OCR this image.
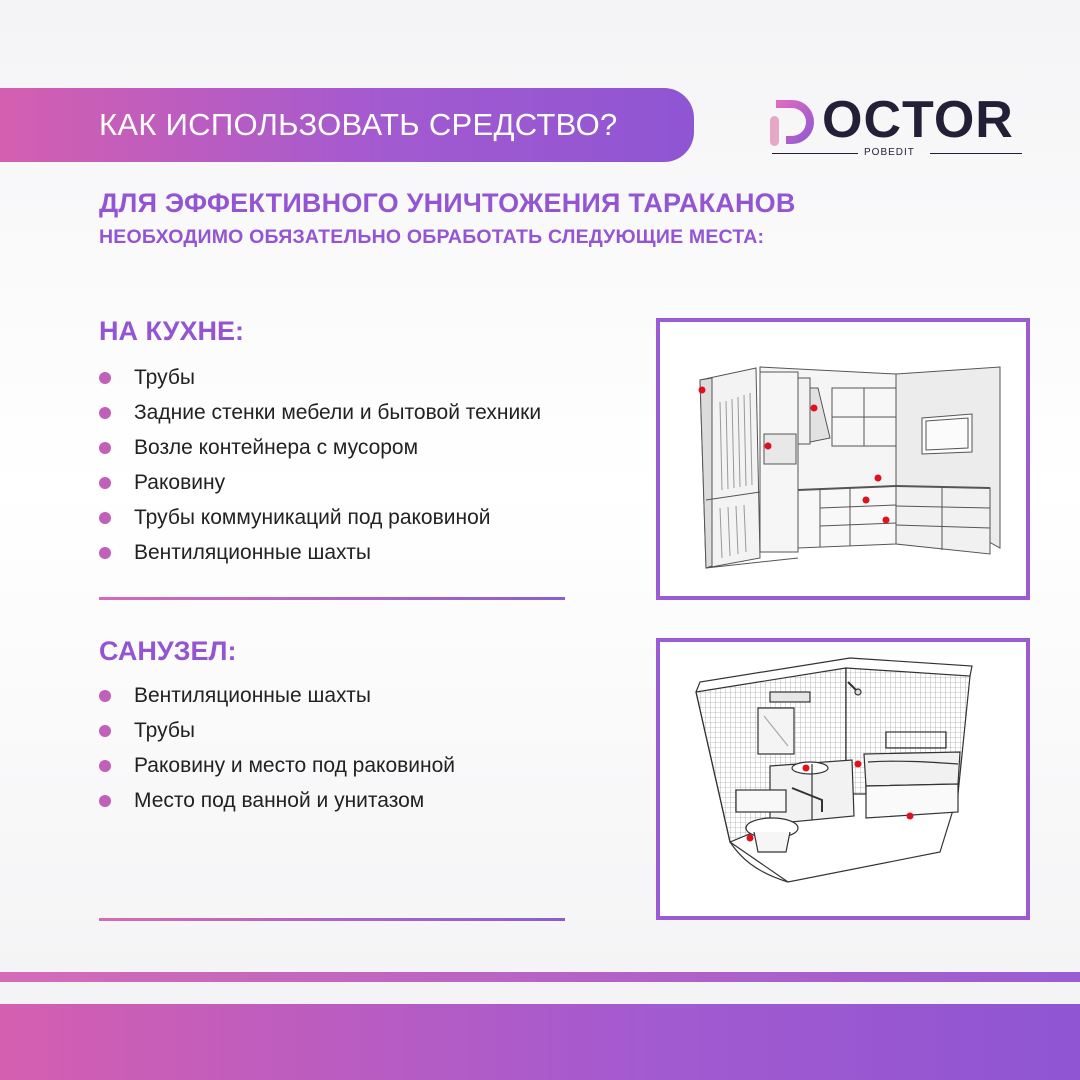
КАК ИСПОЛЬЗОВАТЬ СРЕДСТВО?	OCTOR
POBEDIT
ДЛЯ ЭФФЕКТИВНОГО УНИЧТОЖЕНИЯ ТАРАКАНОВ
НЕОБХОДИМО ОБЯЗАТЕЛЬНО ОБРАБОТАТЬ СЛЕДУЮЩИЕ МЕСТА:
НА КУХНЕ:
Трубы
Задние стенки мебели и бытовой техники
Возле контейнера с мусором
Раковину
Трубы коммуникаций под раковиной
Вентиляционные шахты
САНУЗЕЛ:
Вентиляционные шахты
Трубы
Раковину и место под раковиной
Место под ванной и унитазом
